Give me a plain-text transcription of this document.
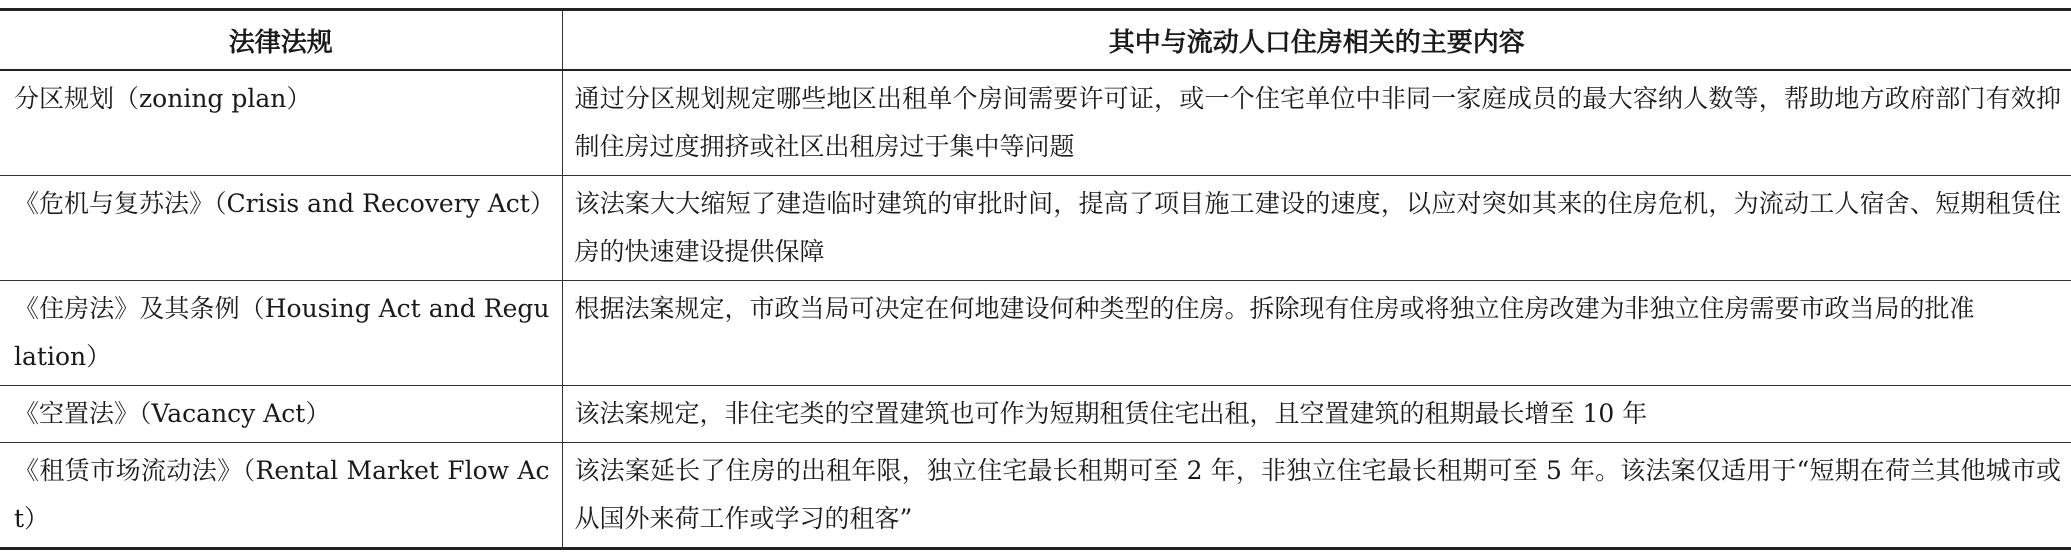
法律法规	其中与流动人口住房相关的主要内容
分区规划（zoning plan）	通过分区规划规定哪些地区出租单个房间需要许可证，或一个住宅单位中非同一家庭成员的最大容纳人数等，帮助地方政府部门有效抑制住房过度拥挤或社区出租房过于集中等问题
《危机与复苏法》（Crisis and Recovery Act）	该法案大大缩短了建造临时建筑的审批时间，提高了项目施工建设的速度，以应对突如其来的住房危机，为流动工人宿舍、短期租赁住房的快速建设提供保障
《住房法》及其条例（Housing Act and Regulation）	根据法案规定，市政当局可决定在何地建设何种类型的住房。拆除现有住房或将独立住房改建为非独立住房需要市政当局的批准
《空置法》（Vacancy Act）	该法案规定，非住宅类的空置建筑也可作为短期租赁住宅出租，且空置建筑的租期最长增至 10 年
《租赁市场流动法》（Rental Market Flow Act）	该法案延长了住房的出租年限，独立住宅最长租期可至 2 年，非独立住宅最长租期可至 5 年。该法案仅适用于“短期在荷兰其他城市或从国外来荷工作或学习的租客”
